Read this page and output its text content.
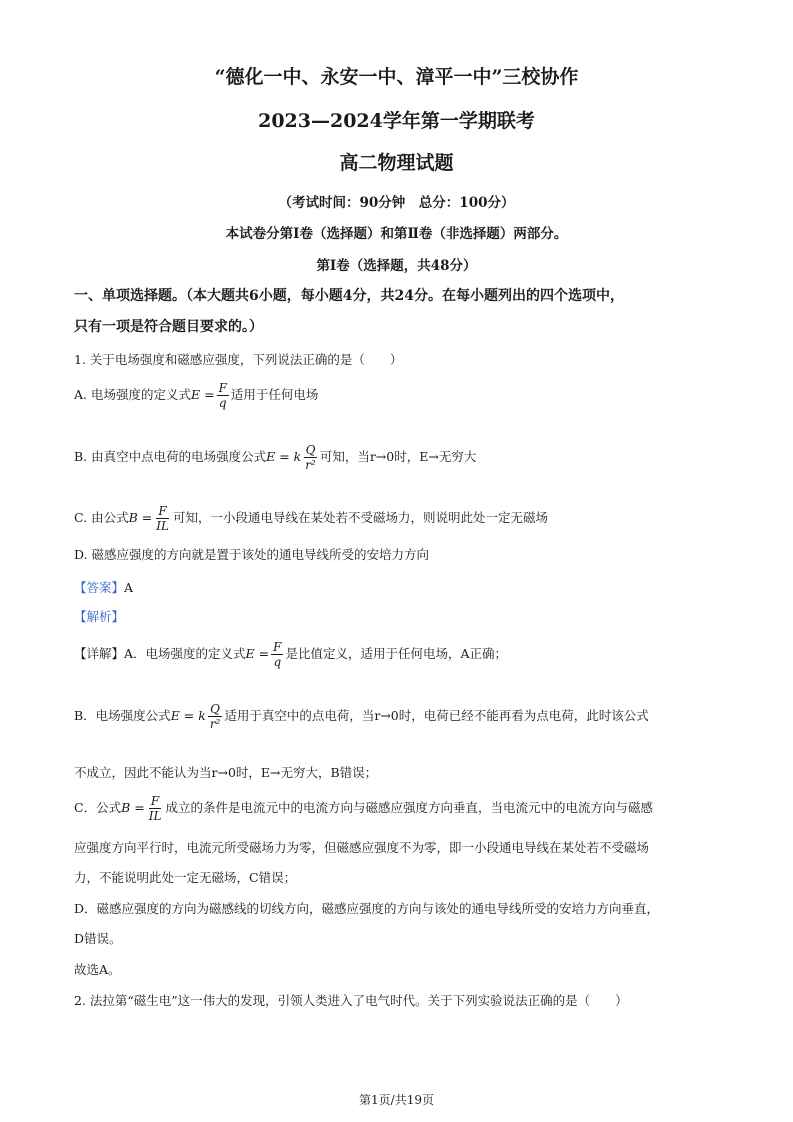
“德化一中、永安一中、漳平一中”三校协作
2023—2024学年第一学期联考
高二物理试题
（考试时间：90分钟　总分：100分）
本试卷分第Ⅰ卷（选择题）和第Ⅱ卷（非选择题）两部分。
第Ⅰ卷（选择题，共48分）
一、单项选择题。（本大题共6小题，每小题4分，共24分。在每小题列出的四个选项中，
只有一项是符合题目要求的。）
1. 关于电场强度和磁感应强度，下列说法正确的是（　　）
A. 电场强度的定义式$E = \frac{F}{q}$ 适用于任何电场
B. 由真空中点电荷的电场强度公式E = k $\frac{Q}{\text{r²}}$ 可知，当r→0时，E→无穷大
C. 由公式$B = \frac{F}{IL}$ 可知，一小段通电导线在某处若不受磁场力，则说明此处一定无磁场
D. 磁感应强度的方向就是置于该处的通电导线所受的安培力方向
【答案】A
【解析】
【详解】A．电场强度的定义式$E = \frac{F}{q}$ 是比值定义，适用于任何电场，A正确；
B．电场强度公式E = k $\frac{Q}{\text{r²}}$ 适用于真空中的点电荷，当r→0时，电荷已经不能再看为点电荷，此时该公式
不成立，因此不能认为当r→0时，E→无穷大，B错误；
C．公式$B = \frac{F}{IL}$ 成立的条件是电流元中的电流方向与磁感应强度方向垂直，当电流元中的电流方向与磁感
应强度方向平行时，电流元所受磁场力为零，但磁感应强度不为零，即一小段通电导线在某处若不受磁场
力，不能说明此处一定无磁场，C错误；
D．磁感应强度的方向为磁感线的切线方向，磁感应强度的方向与该处的通电导线所受的安培力方向垂直，
D错误。
故选A。
2. 法拉第“磁生电”这一伟大的发现，引领人类进入了电气时代。关于下列实验说法正确的是（　　）
第1页/共19页
